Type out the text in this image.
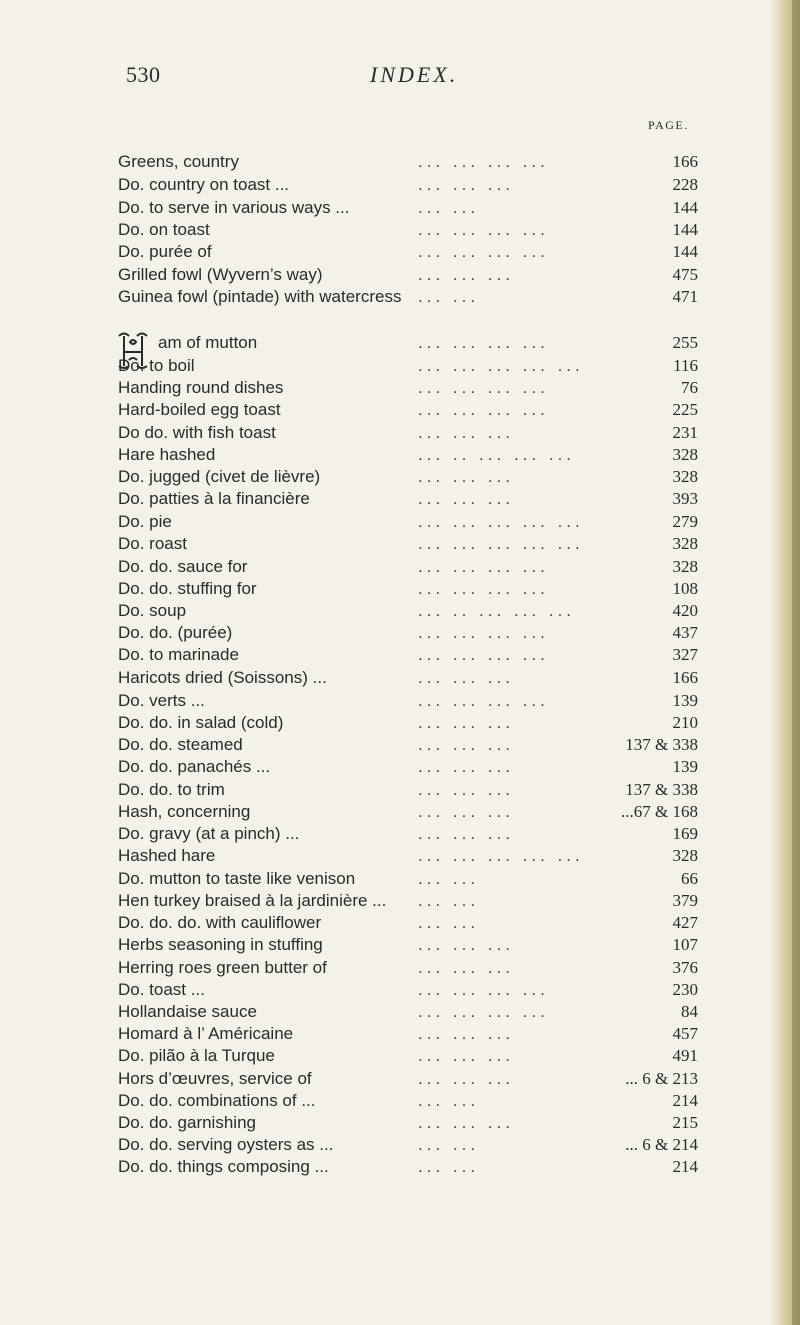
530	INDEX.
PAGE.
Greens, country	... ... ... ...	166
Do. country on toast ...	... ... ...	228
Do. to serve in various ways ...	... ...	144
Do. on toast	... ... ... ...	144
Do. purée of	... ... ... ...	144
Grilled fowl (Wyvern’s way)	... ... ...	475
Guinea fowl (pintade) with watercress ... ...	471
am of mutton	... ... ... ...	255
Do. to boil	... ... ... ... ...	116
Handing round dishes	... ... ... ...	76
Hard-boiled egg toast	... ... ... ...	225
Do do. with fish toast	... ... ...	231
Hare hashed	... .. ... ... ...	328
Do. jugged (civet de lièvre)	... ... ...	328
Do. patties à la financière	... ... ...	393
Do. pie	... ... ... ... ...	279
Do. roast	... ... ... ... ...	328
Do. do. sauce for	... ... ... ...	328
Do. do. stuffing for	... ... ... ...	108
Do. soup	... .. ... ... ...	420
Do. do. (purée)	... ... ... ...	437
Do. to marinade	... ... ... ...	327
Haricots dried (Soissons) ...	... ... ...	166
Do. verts ...	... ... ... ...	139
Do. do. in salad (cold)	... ... ...	210
Do. do. steamed	... ... ...	137 & 338
Do. do. panachés ...	... ... ...	139
Do. do. to trim	... ... ...	137 & 338
Hash, concerning	... ... ...	...67 & 168
Do. gravy (at a pinch) ...	... ... ...	169
Hashed hare	... ... ... ... ...	328
Do. mutton to taste like venison	... ...	66
Hen turkey braised à la jardinière ... ... ...	379
Do. do. do. with cauliflower	... ...	427
Herbs seasoning in stuffing	... ... ...	107
Herring roes green butter of	... ... ...	376
Do. toast ...	... ... ... ...	230
Hollandaise sauce	... ... ... ...	84
Homard à l’ Américaine	... ... ...	457
Do. pilão à la Turque	... ... ...	491
Hors d’œuvres, service of	... ... ...	... 6 & 213
Do. do. combinations of ...	... ...	214
Do. do. garnishing	... ... ...	215
Do. do. serving oysters as ...	... ...	... 6 & 214
Do. do. things composing ...	... ...	214
